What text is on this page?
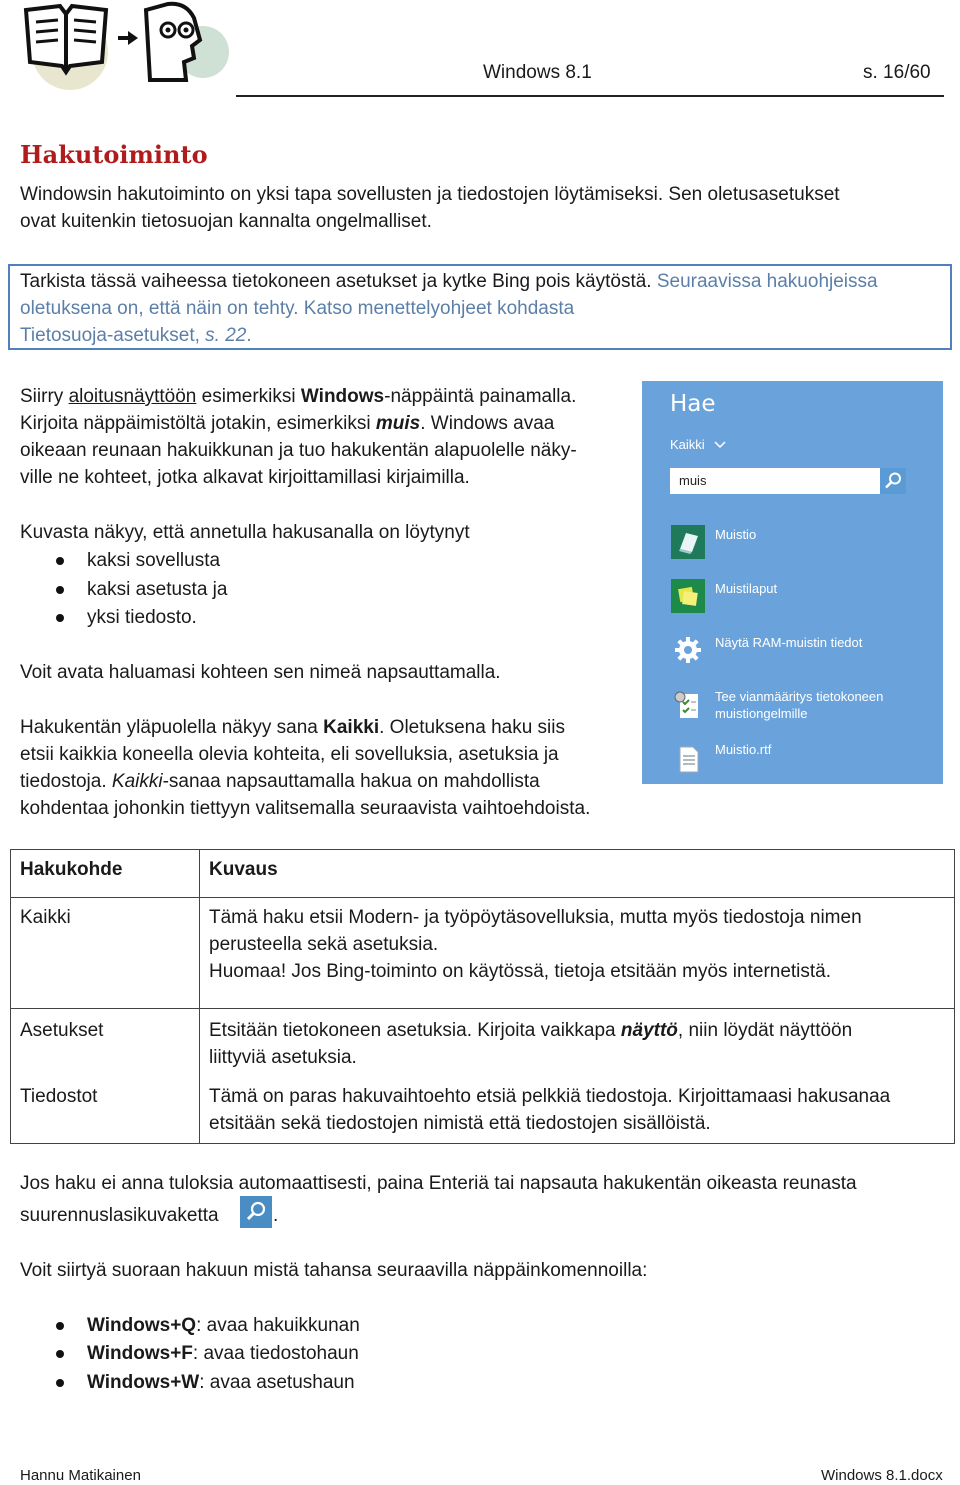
Windows 8.1	s. 16/60
Hakutoiminto
Windowsin hakutoiminto on yksi tapa sovellusten ja tiedostojen löytämiseksi. Sen oletusasetukset
ovat kuitenkin tietosuojan kannalta ongelmalliset.
Tarkista tässä vaiheessa tietokoneen asetukset ja kytke Bing pois käytöstä. Seuraavissa hakuohjeissa
oletuksena on, että näin on tehty. Katso menettelyohjeet kohdasta
Tietosuoja-asetukset, s. 22.
Siirry aloitusnäyttöön esimerkiksi Windows-näppäintä painamalla.
Kirjoita näppäimistöltä jotakin, esimerkiksi muis. Windows avaa
oikeaan reunaan hakuikkunan ja tuo hakukentän alapuolelle näky-
ville ne kohteet, jotka alkavat kirjoittamillasi kirjaimilla.
Kuvasta näkyy, että annetulla hakusanalla on löytynyt
kaksi sovellusta
kaksi asetusta ja
yksi tiedosto.
Voit avata haluamasi kohteen sen nimeä napsauttamalla.
Hakukentän yläpuolella näkyy sana Kaikki. Oletuksena haku siis
etsii kaikkia koneella olevia kohteita, eli sovelluksia, asetuksia ja
tiedostoja. Kaikki-sanaa napsauttamalla hakua on mahdollista
kohdentaa johonkin tiettyyn valitsemalla seuraavista vaihtoehdoista.
Hae
Kaikki
muis
Muistio
Muistilaput
Näytä RAM-muistin tiedot
Tee vianmääritys tietokoneen
muistiongelmille
Muistio.rtf
Hakukohde	Kuvaus
Kaikki	Tämä haku etsii Modern- ja työpöytäsovelluksia, mutta myös tiedostoja nimen
perusteella sekä asetuksia.
Huomaa! Jos Bing-toiminto on käytössä, tietoja etsitään myös internetistä.

Asetukset	Etsitään tietokoneen asetuksia. Kirjoita vaikkapa näyttö, niin löydät näyttöön
liittyviä asetuksia.

Tiedostot	Tämä on paras hakuvaihtoehto etsiä pelkkiä tiedostoja. Kirjoittamaasi hakusanaa
etsitään sekä tiedostojen nimistä että tiedostojen sisällöistä.
Jos haku ei anna tuloksia automaattisesti, paina Enteriä tai napsauta hakukentän oikeasta reunasta
suurennuslasikuvaketta	.
Voit siirtyä suoraan hakuun mistä tahansa seuraavilla näppäinkomennoilla:
Windows+Q: avaa hakuikkunan
Windows+F: avaa tiedostohaun
Windows+W: avaa asetushaun
Hannu Matikainen	Windows 8.1.docx
